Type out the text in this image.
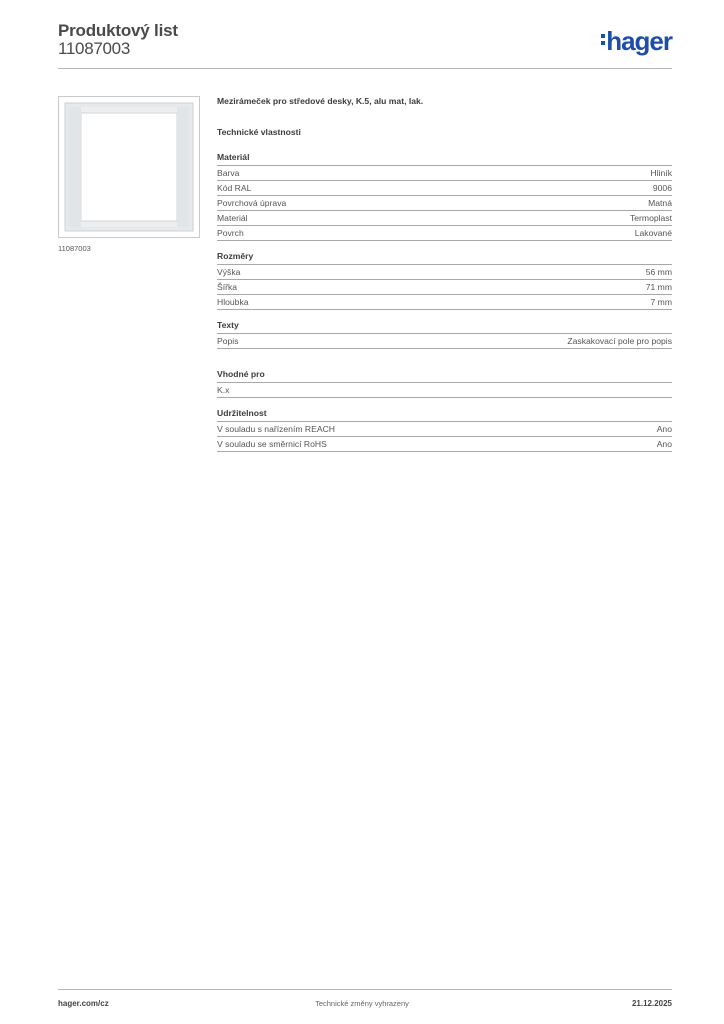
Produktový list
11087003	hager
11087003
Mezirámeček pro středové desky, K.5, alu mat, lak.
Technické vlastnosti
Materiál
Barva	Hliník
Kód RAL	9006
Povrchová úprava	Matná
Materiál	Termoplast
Povrch	Lakované
Rozměry
Výška	56 mm
Šířka	71 mm
Hloubka	7 mm
Texty
Popis	Zaskakovací pole pro popis
Vhodné pro
K.x
Udržitelnost
V souladu s nařízením REACH	Ano
V souladu se směrnicí RoHS	Ano
hager.com/cz	Technické změny vyhrazeny	21.12.2025
